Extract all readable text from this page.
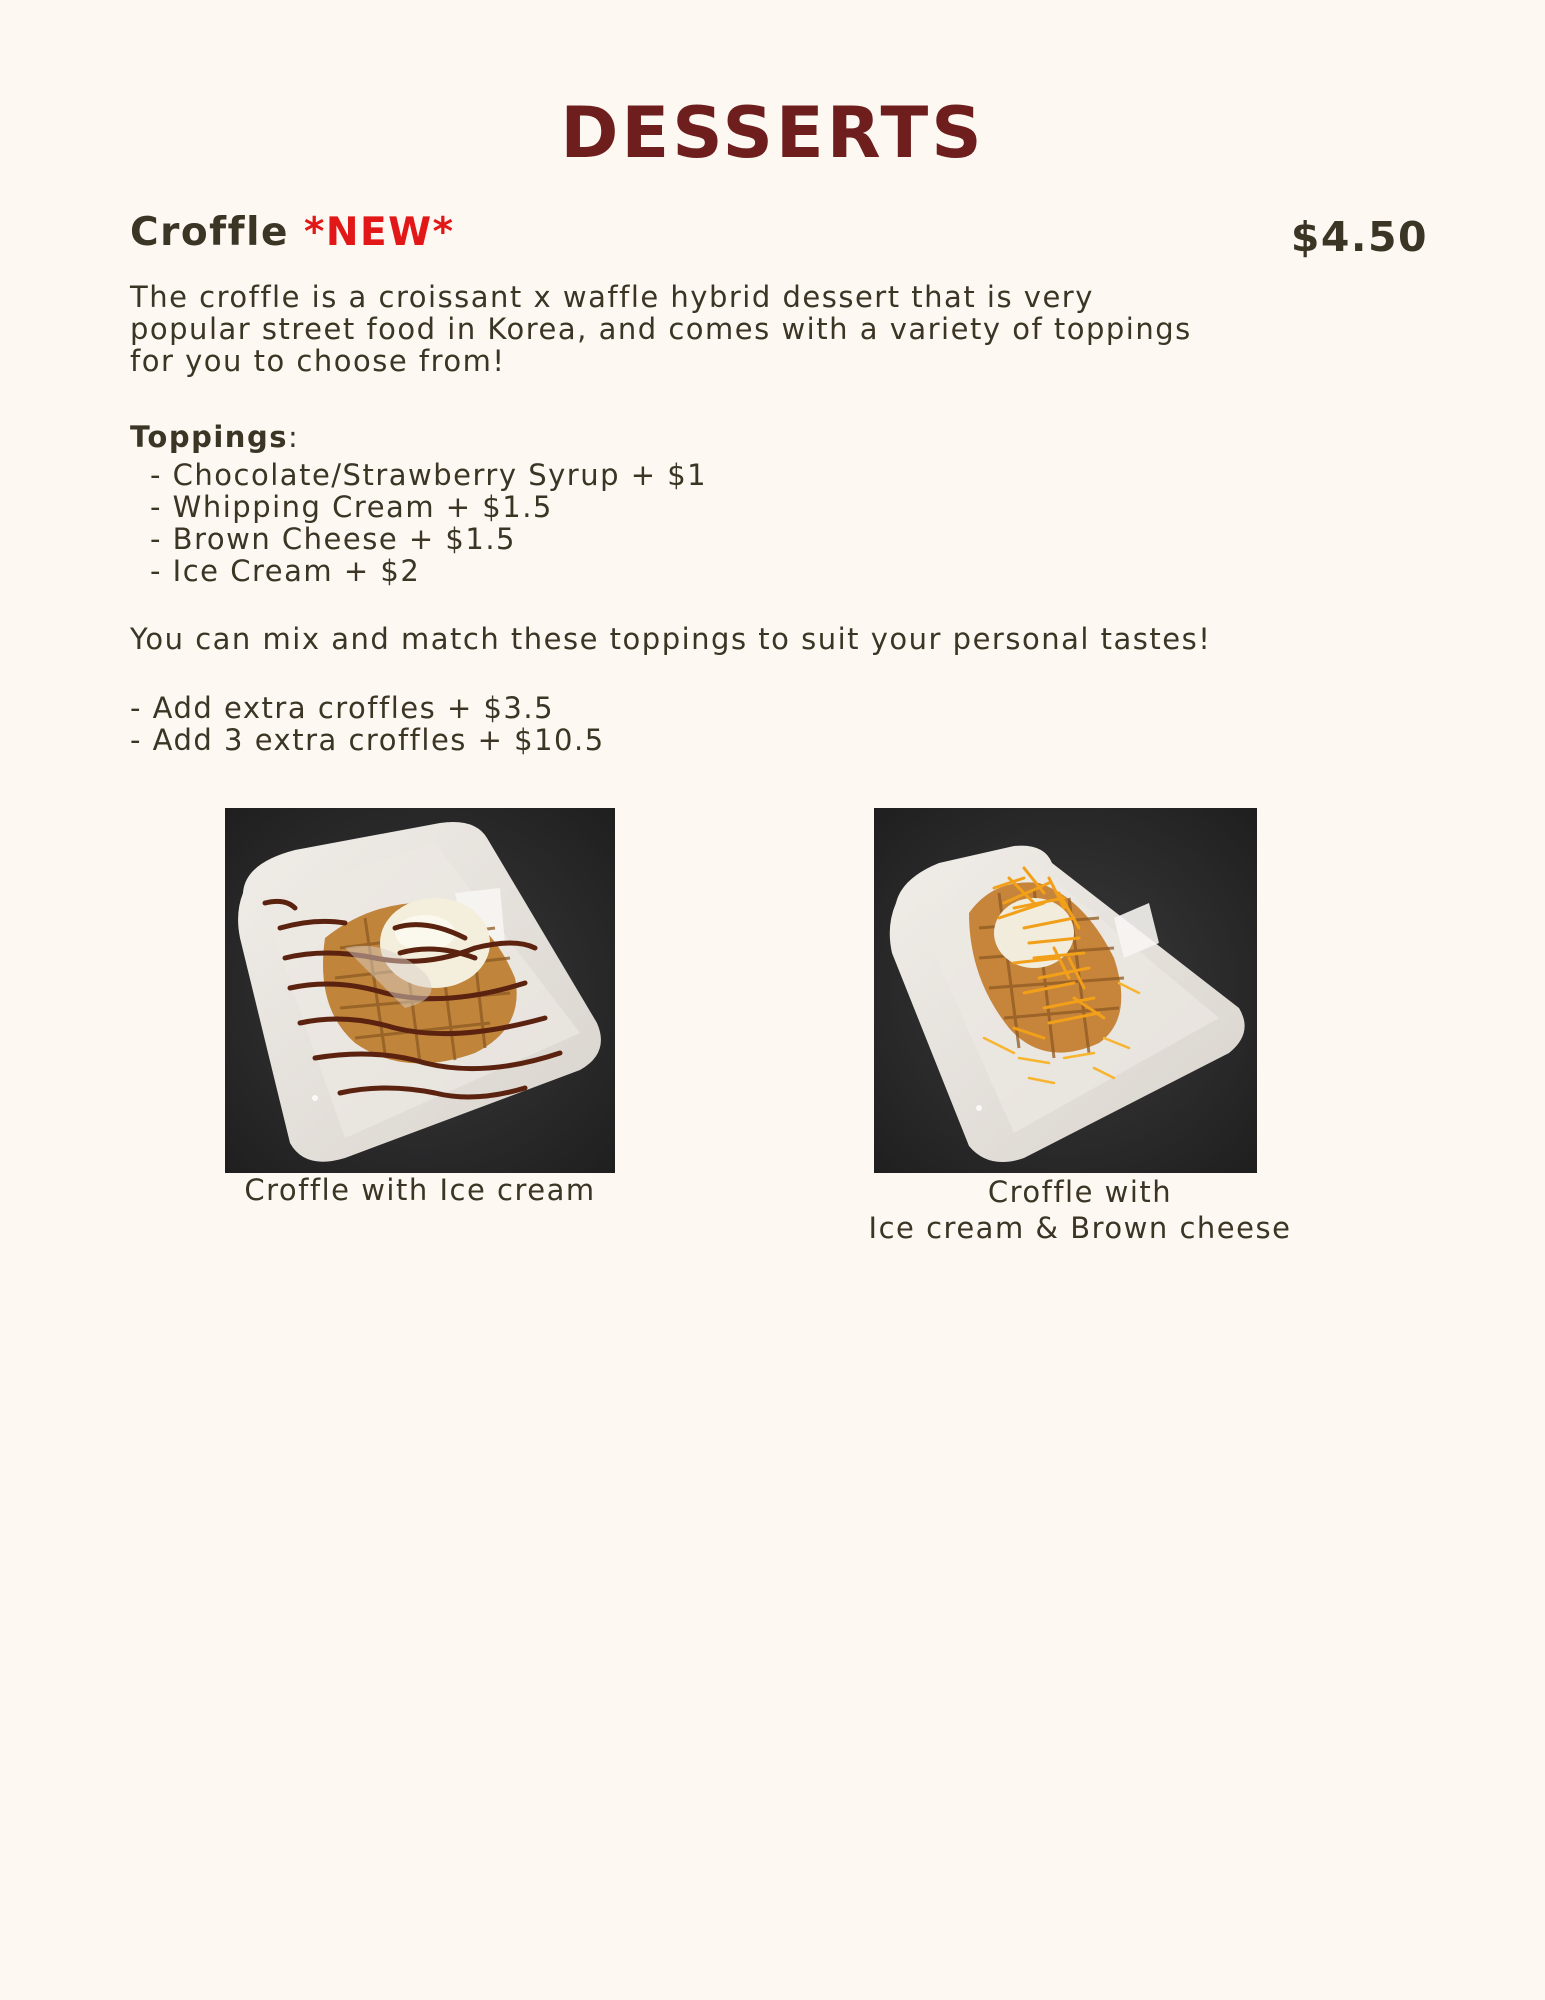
DESSERTS
Croffle *NEW*	$4.50
The croffle is a croissant x waffle hybrid dessert that is very popular street food in Korea, and comes with a variety of toppings for you to choose from!
Toppings:
- Chocolate/Strawberry Syrup + $1
- Whipping Cream + $1.5
- Brown Cheese + $1.5
- Ice Cream + $2
You can mix and match these toppings to suit your personal tastes!
- Add extra croffles + $3.5
- Add 3 extra croffles + $10.5
Croffle with Ice cream	Croffle with
Ice cream & Brown cheese
